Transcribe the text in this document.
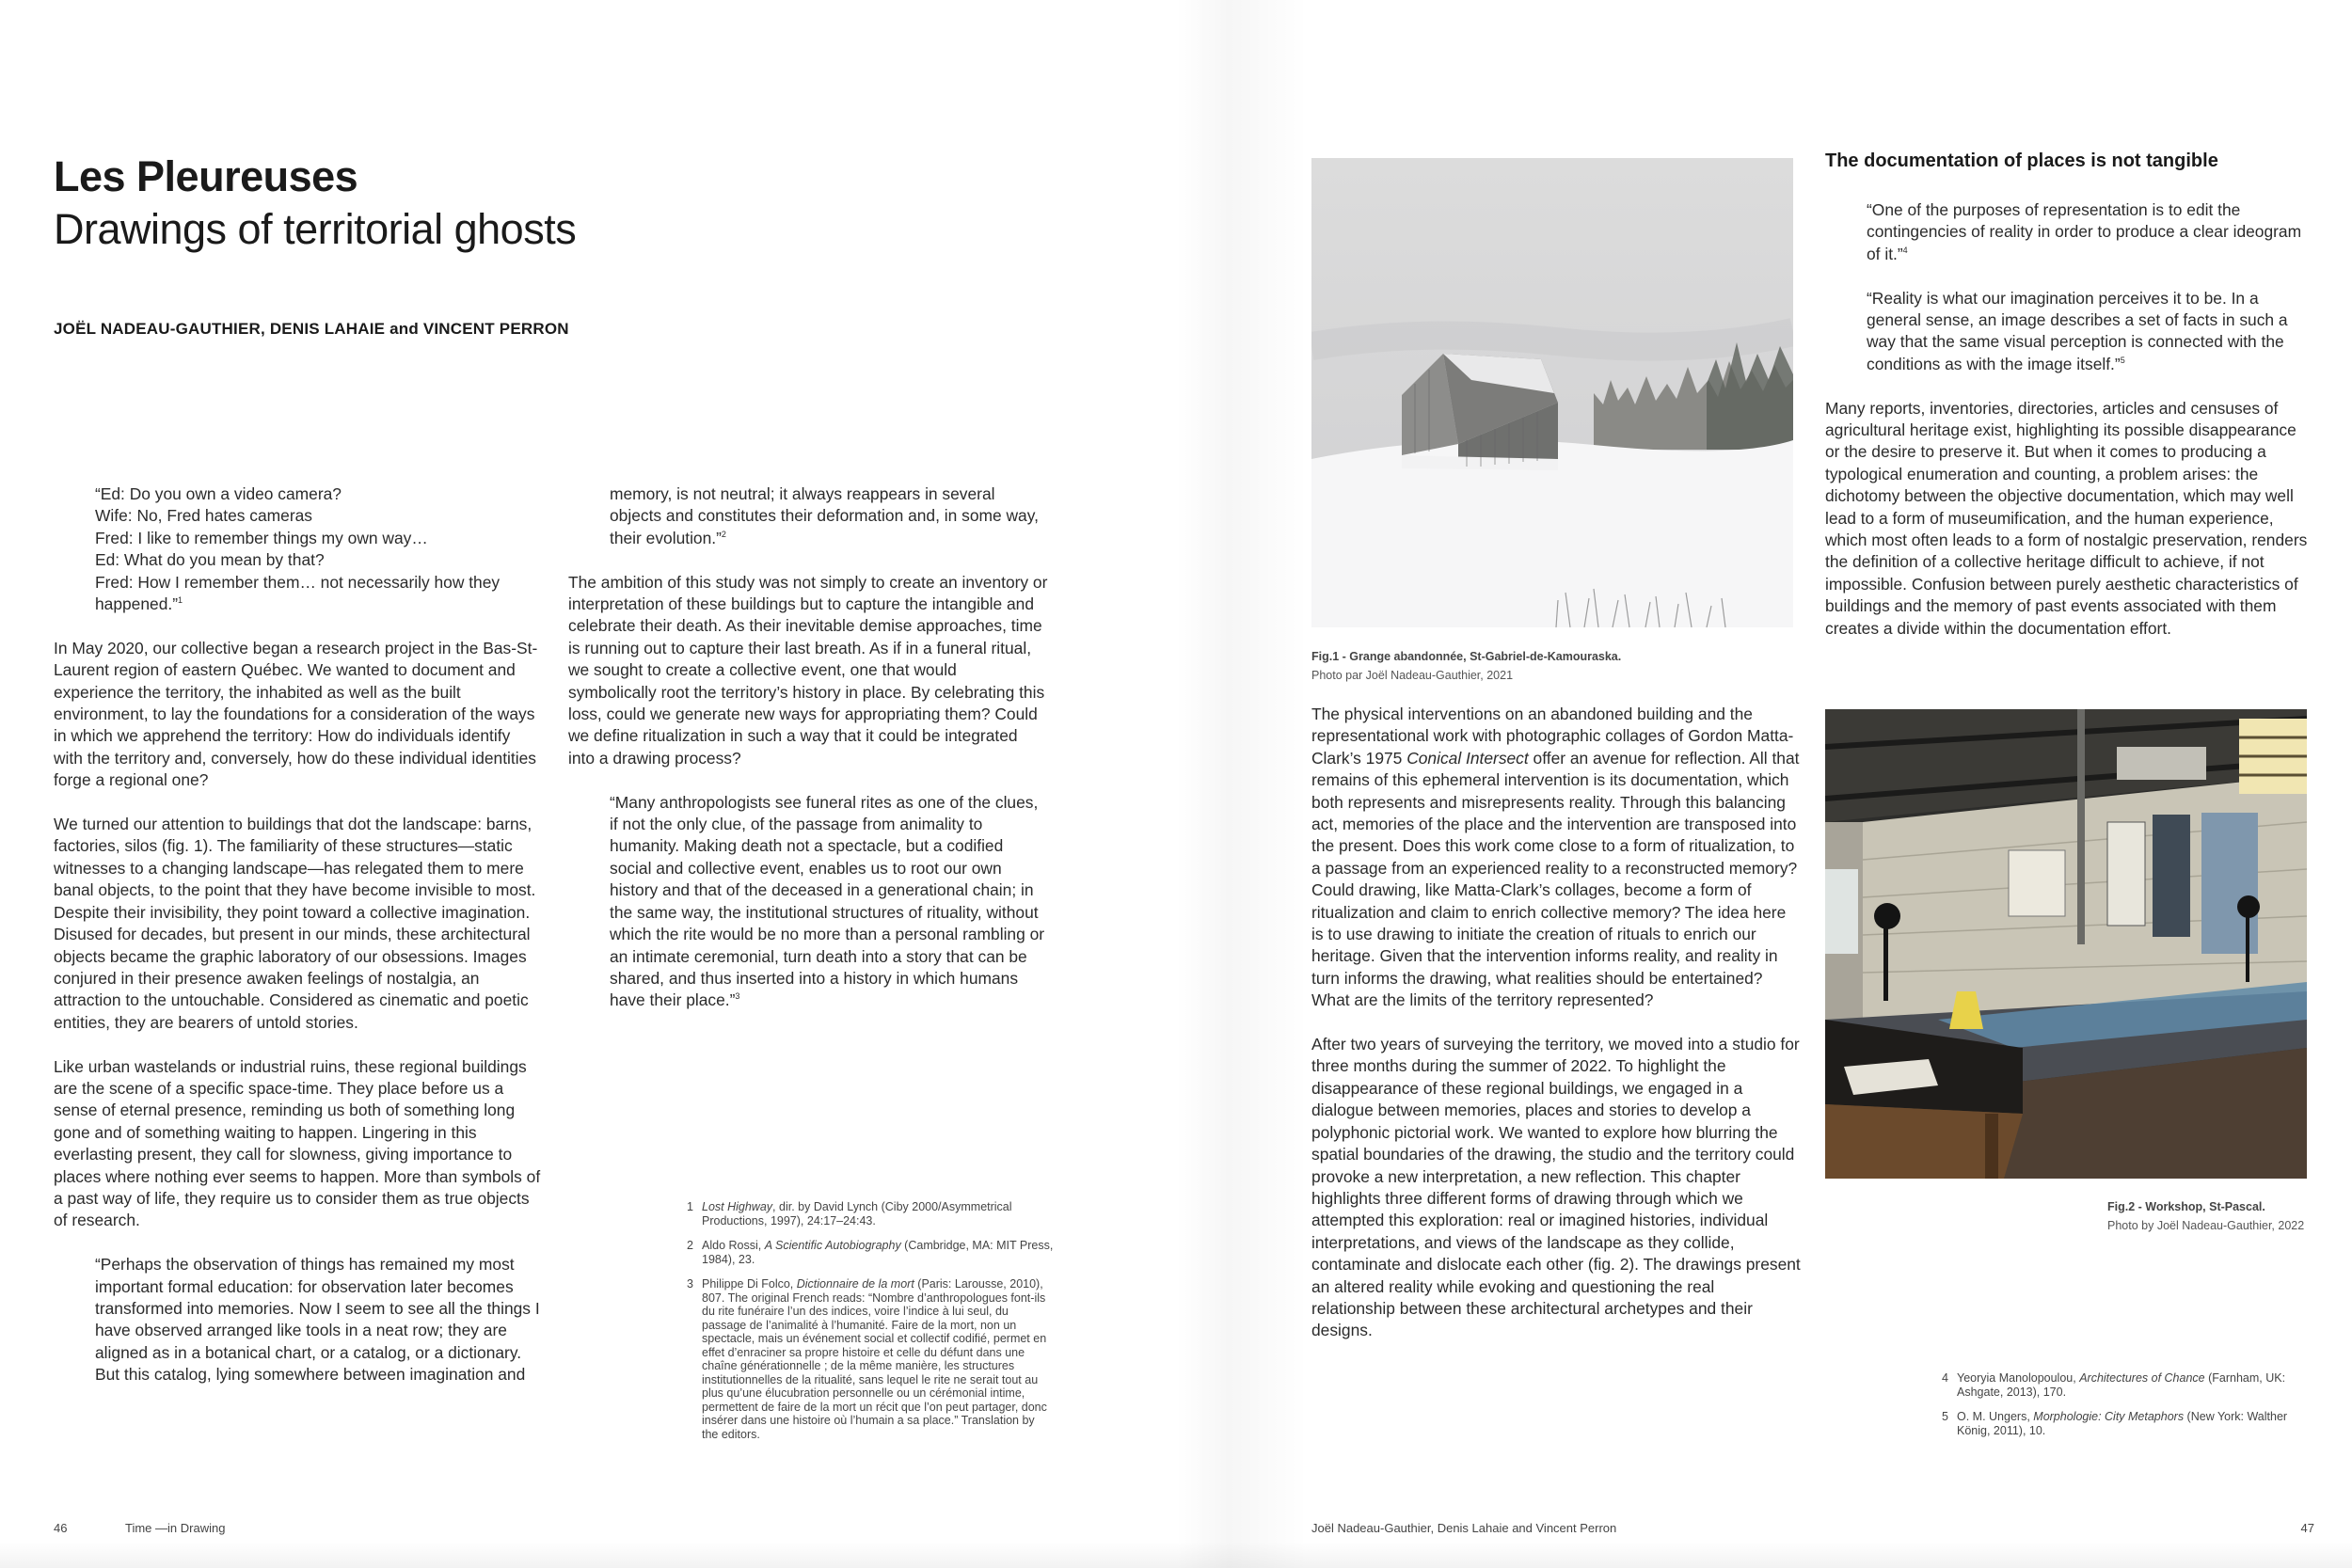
Les Pleureuses
Drawings of territorial ghosts
JOËL NADEAU-GAUTHIER, DENIS LAHAIE and VINCENT PERRON
“Ed: Do you own a video camera?
Wife: No, Fred hates cameras
Fred: I like to remember things my own way…
Ed: What do you mean by that?
Fred: How I remember them… not necessarily how they
happened.”$^1$

In May 2020, our collective began a research project in the Bas-St-Laurent region of eastern Québec. We wanted to document and experience the territory, the inhabited as well as the built environment, to lay the foundations for a consideration of the ways in which we apprehend the territory: How do individuals identify with the territory and, conversely, how do these individual identities forge a regional one?

We turned our attention to buildings that dot the landscape: barns, factories, silos (fig. 1). The familiarity of these structures—static witnesses to a changing landscape—has relegated them to mere banal objects, to the point that they have become invisible to most. Despite their invisibility, they point toward a collective imagination. Disused for decades, but present in our minds, these architectural objects became the graphic laboratory of our obsessions. Images conjured in their presence awaken feelings of nostalgia, an attraction to the untouchable. Considered as cinematic and poetic entities, they are bearers of untold stories.

Like urban wastelands or industrial ruins, these regional buildings are the scene of a specific space-time. They place before us a sense of eternal presence, reminding us both of something long gone and of something waiting to happen. Lingering in this everlasting present, they call for slowness, giving importance to places where nothing ever seems to happen. More than symbols of a past way of life, they require us to consider them as true objects of research.

“Perhaps the observation of things has remained my most important formal education: for observation later becomes transformed into memories. Now I seem to see all the things I have observed arranged like tools in a neat row; they are aligned as in a botanical chart, or a catalog, or a dictionary. But this catalog, lying somewhere between imagination and
memory, is not neutral; it always reappears in several objects and constitutes their deformation and, in some way, their evolution.”$^2$

The ambition of this study was not simply to create an inventory or interpretation of these buildings but to capture the intangible and celebrate their death. As their inevitable demise approaches, time is running out to capture their last breath. As if in a funeral ritual, we sought to create a collective event, one that would symbolically root the territory’s history in place. By celebrating this loss, could we generate new ways for appropriating them? Could we define ritualization in such a way that it could be integrated into a drawing process?

“Many anthropologists see funeral rites as one of the clues, if not the only clue, of the passage from animality to humanity. Making death not a spectacle, but a codified social and collective event, enables us to root our own history and that of the deceased in a generational chain; in the same way, the institutional structures of rituality, without which the rite would be no more than a personal rambling or an intimate ceremonial, turn death into a story that can be shared, and thus inserted into a history in which humans have their place.”$^3$
1 Lost Highway, dir. by David Lynch (Ciby 2000/Asymmetrical Productions, 1997), 24:17–24:43.
2 Aldo Rossi, A Scientific Autobiography (Cambridge, MA: MIT Press, 1984), 23.
3 Philippe Di Folco, Dictionnaire de la mort (Paris: Larousse, 2010), 807. The original French reads: “Nombre d’anthropologues font-ils du rite funéraire l’un des indices, voire l’indice à lui seul, du passage de l’animalité à l’humanité. Faire de la mort, non un spectacle, mais un événement social et collectif codifié, permet en effet d’enraciner sa propre histoire et celle du défunt dans une chaîne générationnelle ; de la même manière, les structures institutionnelles de la ritualité, sans lequel le rite ne serait tout au plus qu’une élucubration personnelle ou un cérémonial intime, permettent de faire de la mort un récit que l’on peut partager, donc insérer dans une histoire où l’humain a sa place.” Translation by the editors.
46	Time —in Drawing
Fig.1 - Grange abandonnée, St-Gabriel-de-Kamouraska.
Photo par Joël Nadeau-Gauthier, 2021

The physical interventions on an abandoned building and the representational work with photographic collages of Gordon Matta-Clark’s 1975 Conical Intersect offer an avenue for reflection. All that remains of this ephemeral intervention is its documentation, which both represents and misrepresents reality. Through this balancing act, memories of the place and the intervention are transposed into the present. Does this work come close to a form of ritualization, to a passage from an experienced reality to a reconstructed memory? Could drawing, like Matta-Clark’s collages, become a form of ritualization and claim to enrich collective memory? The idea here is to use drawing to initiate the creation of rituals to enrich our heritage. Given that the intervention informs reality, and reality in turn informs the drawing, what realities should be entertained? What are the limits of the territory represented?

After two years of surveying the territory, we moved into a studio for three months during the summer of 2022. To highlight the disappearance of these regional buildings, we engaged in a dialogue between memories, places and stories to develop a polyphonic pictorial work. We wanted to explore how blurring the spatial boundaries of the drawing, the studio and the territory could provoke a new interpretation, a new reflection. This chapter highlights three different forms of drawing through which we attempted this exploration: real or imagined histories, individual interpretations, and views of the landscape as they collide, contaminate and dislocate each other (fig. 2). The drawings present an altered reality while evoking and questioning the real relationship between these architectural archetypes and their designs.

The documentation of places is not tangible
“One of the purposes of representation is to edit the contingencies of reality in order to produce a clear ideogram of it.”$^4$
“Reality is what our imagination perceives it to be. In a general sense, an image describes a set of facts in such a way that the same visual perception is connected with the conditions as with the image itself.”$^5$

Many reports, inventories, directories, articles and censuses of agricultural heritage exist, highlighting its possible disappearance or the desire to preserve it. But when it comes to producing a typological enumeration and counting, a problem arises: the dichotomy between the objective documentation, which may well lead to a form of museumification, and the human experience, which most often leads to a form of nostalgic preservation, renders the definition of a collective heritage difficult to achieve, if not impossible. Confusion between purely aesthetic characteristics of buildings and the memory of past events associated with them creates a divide within the documentation effort.

Fig.2 - Workshop, St-Pascal.
Photo by Joël Nadeau-Gauthier, 2022
4 Yeoryia Manolopoulou, Architectures of Chance (Farnham, UK: Ashgate, 2013), 170.
5 O. M. Ungers, Morphologie: City Metaphors (New York: Walther König, 2011), 10.
Joël Nadeau-Gauthier, Denis Lahaie and Vincent Perron	47
